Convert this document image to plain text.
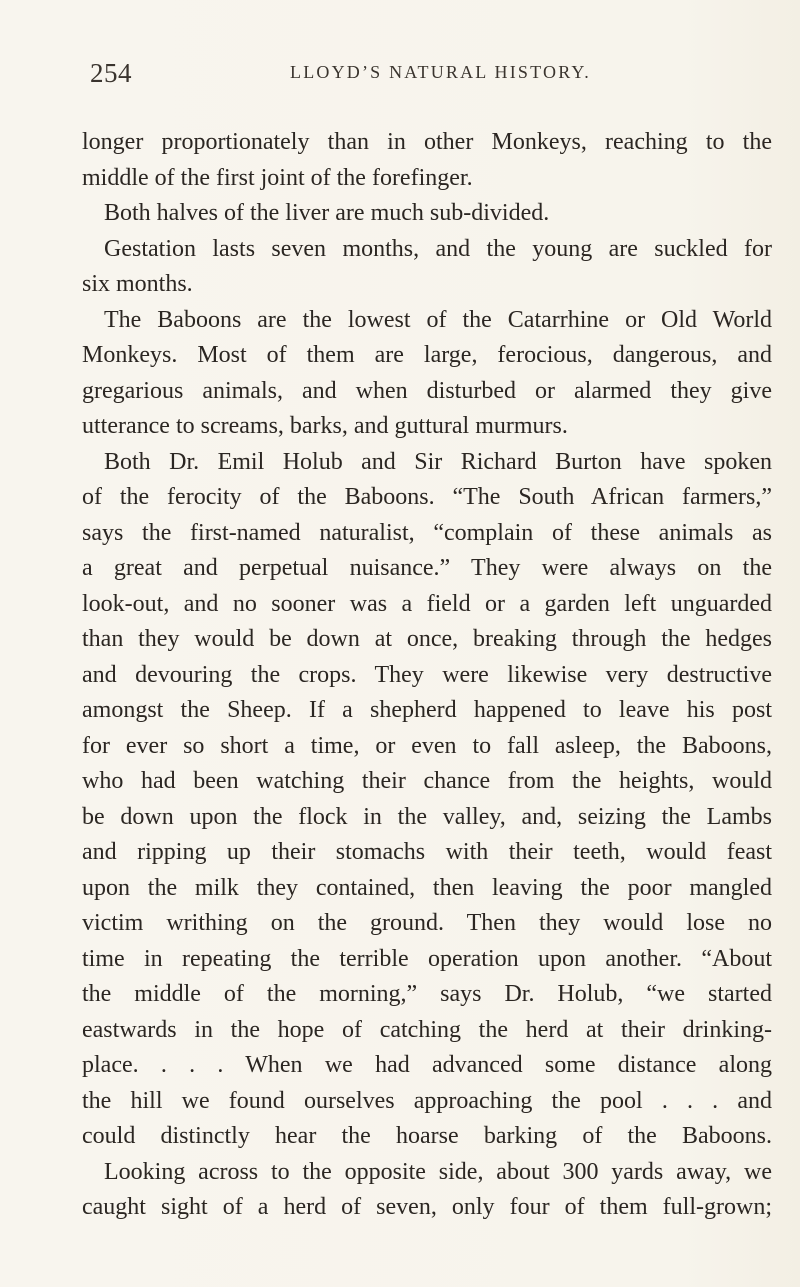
254	LLOYD’S NATURAL HISTORY.
longer proportionately than in other Monkeys, reaching to the
middle of the first joint of the forefinger.
Both halves of the liver are much sub-divided.
Gestation lasts seven months, and the young are suckled for
six months.
The Baboons are the lowest of the Catarrhine or Old World
Monkeys. Most of them are large, ferocious, dangerous, and
gregarious animals, and when disturbed or alarmed they give
utterance to screams, barks, and guttural murmurs.
Both Dr. Emil Holub and Sir Richard Burton have spoken
of the ferocity of the Baboons. “The South African farmers,”
says the first-named naturalist, “complain of these animals as
a great and perpetual nuisance.” They were always on the
look-out, and no sooner was a field or a garden left unguarded
than they would be down at once, breaking through the hedges
and devouring the crops. They were likewise very destructive
amongst the Sheep. If a shepherd happened to leave his post
for ever so short a time, or even to fall asleep, the Baboons,
who had been watching their chance from the heights, would
be down upon the flock in the valley, and, seizing the Lambs
and ripping up their stomachs with their teeth, would feast
upon the milk they contained, then leaving the poor mangled
victim writhing on the ground. Then they would lose no
time in repeating the terrible operation upon another. “About
the middle of the morning,” says Dr. Holub, “we started
eastwards in the hope of catching the herd at their drinking-
place. . . . When we had advanced some distance along
the hill we found ourselves approaching the pool . . . and
could distinctly hear the hoarse barking of the Baboons.
Looking across to the opposite side, about 300 yards away, we
caught sight of a herd of seven, only four of them full-grown;
